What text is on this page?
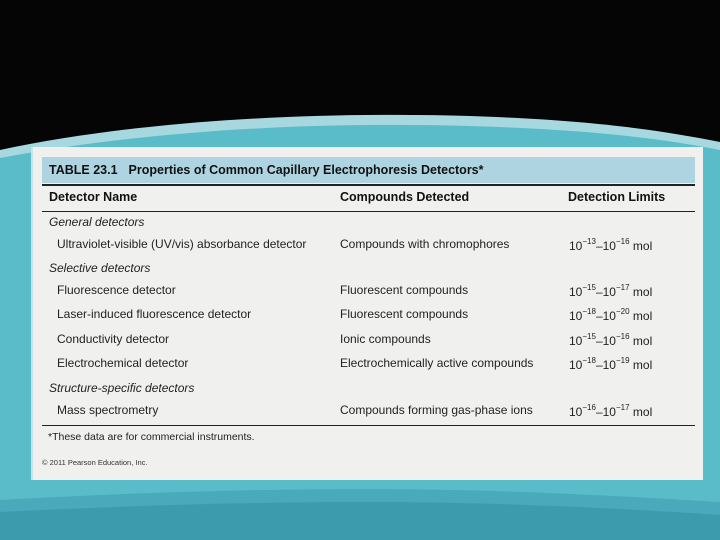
TABLE 23.1 Properties of Common Capillary Electrophoresis Detectors*
Detector Name	Compounds Detected	Detection Limits
General detectors
Ultraviolet-visible (UV/vis) absorbance detector	Compounds with chromophores	$10^{-13}-10^{-16}$ mol
Selective detectors
Fluorescence detector	Fluorescent compounds	$10^{-15}-10^{-17}$ mol
Laser-induced fluorescence detector	Fluorescent compounds	$10^{-18}-10^{-20}$ mol
Conductivity detector	Ionic compounds	$10^{-15}-10^{-16}$ mol
Electrochemical detector	Electrochemically active compounds	$10^{-18}-10^{-19}$ mol
Structure-specific detectors
Mass spectrometry	Compounds forming gas-phase ions	$10^{-16}-10^{-17}$ mol
*These data are for commercial instruments.
© 2011 Pearson Education, Inc.
